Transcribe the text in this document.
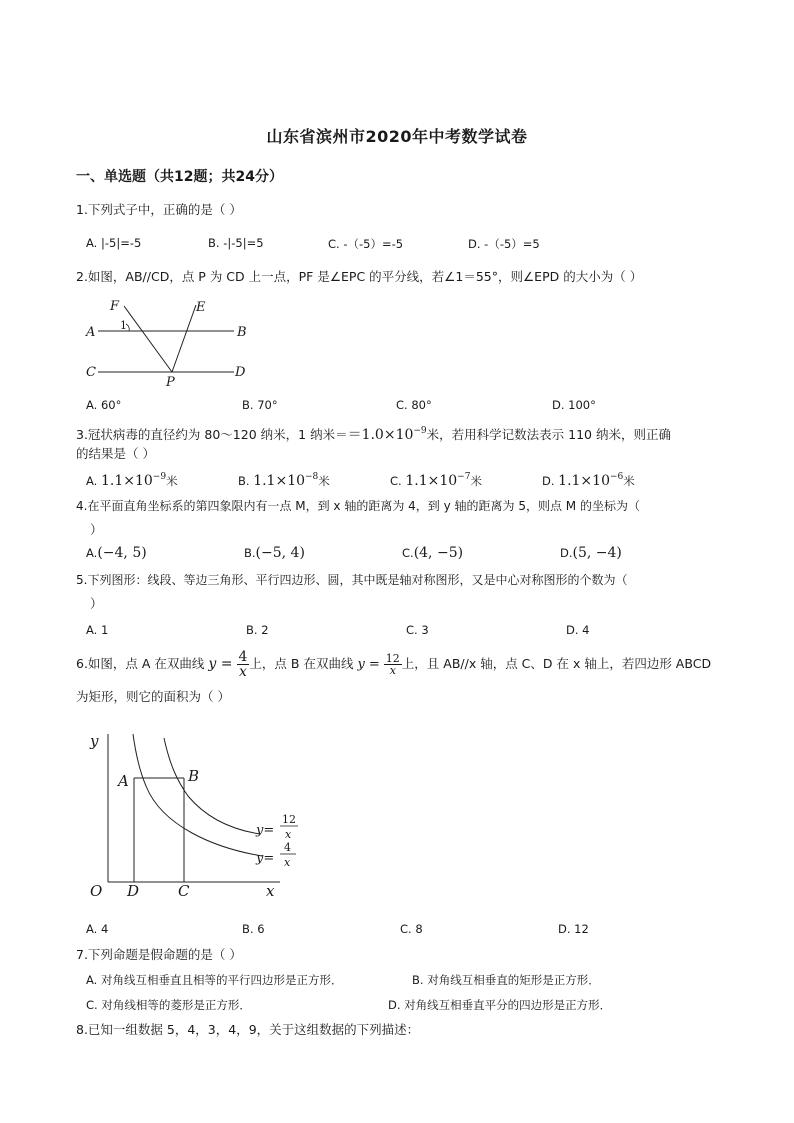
山东省滨州市2020年中考数学试卷
一、单选题（共12题；共24分）
1.下列式子中，正确的是（ ）
A. |-5|=-5	B. -|-5|=5	C. -（-5）=-5	D. -（-5）=5
2.如图，AB//CD，点 P 为 CD 上一点，PF 是∠EPC 的平分线，若∠1＝55°，则∠EPD 的大小为（ ）
F	E
A	B
C	D
P
1
A. 60°	B. 70°	C. 80°	D. 100°
3.冠状病毒的直径约为 80～120 纳米，1 纳米$==1.0\times 10^{-9}$米，若用科学记数法表示 110 纳米，则正确
的结果是（ ）
A. $1.1\times 10^{-9}$米	B. $1.1\times 10^{-8}$米	C. $1.1\times 10^{-7}$米	D. $1.1\times 10^{-6}$米
4.在平面直角坐标系的第四象限内有一点 M，到 x 轴的距离为 4，到 y 轴的距离为 5，则点 M 的坐标为（
）
A.(−4, 5)	B.(−5, 4)	C.(4, −5)	D.(5, −4)
5.下列图形：线段、等边三角形、平行四边形、圆，其中既是轴对称图形，又是中心对称图形的个数为（
）
A. 1	B. 2	C. 3	D. 4
6.如图，点 A 在双曲线 $y = \frac{4}{x}$ 上，点 B 在双曲线 $y = \frac{12}{x}$ 上，且 AB//x 轴，点 C、D 在 x 轴上，若四边形 ABCD
为矩形，则它的面积为（ ）
y
x
O
A	B
D	C
y=
12
x
y=
4
x
A. 4	B. 6	C. 8	D. 12
7.下列命题是假命题的是（ ）
A. 对角线互相垂直且相等的平行四边形是正方形．	B. 对角线互相垂直的矩形是正方形．
C. 对角线相等的菱形是正方形．	D. 对角线互相垂直平分的四边形是正方形．
8.已知一组数据 5，4，3，4，9，关于这组数据的下列描述：
